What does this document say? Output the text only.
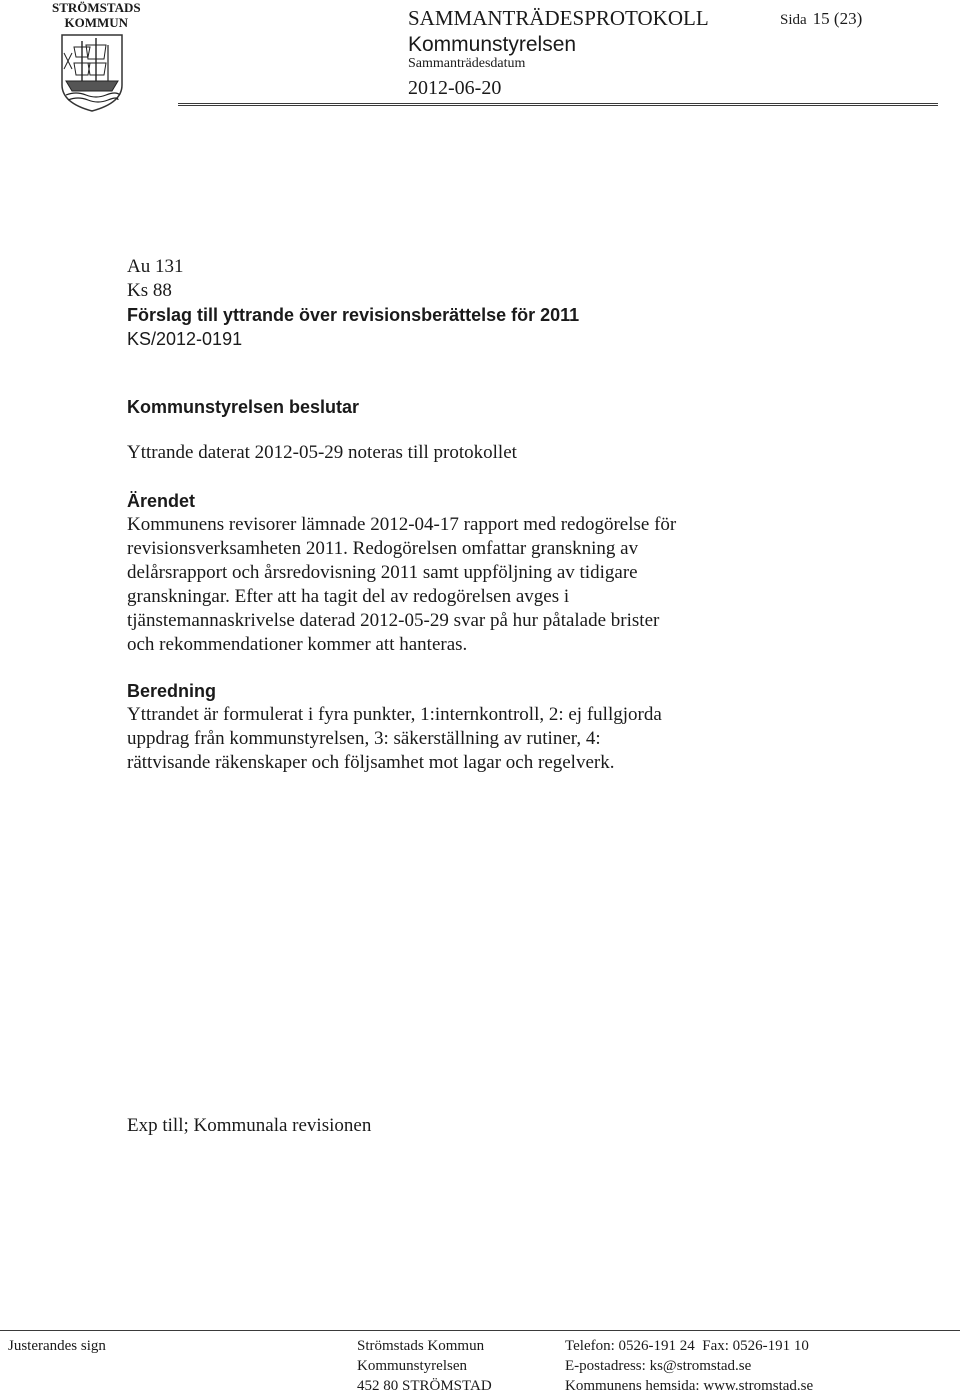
STRÖMSTADS
KOMMUN	SAMMANTRÄDESPROTOKOLL	Sida 15 (23)
Kommunstyrelsen
Sammanträdesdatum
2012-06-20
Au 131
Ks 88
Förslag till yttrande över revisionsberättelse för 2011
KS/2012-0191
Kommunstyrelsen beslutar
Yttrande daterat 2012-05-29 noteras till protokollet
Ärendet
Kommunens revisorer lämnade 2012-04-17 rapport med redogörelse för
revisionsverksamheten 2011. Redogörelsen omfattar granskning av
delårsrapport och årsredovisning 2011 samt uppföljning av tidigare
granskningar. Efter att ha tagit del av redogörelsen avges i
tjänstemannaskrivelse daterad 2012-05-29 svar på hur påtalade brister
och rekommendationer kommer att hanteras.
Beredning
Yttrandet är formulerat i fyra punkter, 1:internkontroll, 2: ej fullgjorda
uppdrag från kommunstyrelsen, 3: säkerställning av rutiner, 4:
rättvisande räkenskaper och följsamhet mot lagar och regelverk.
Exp till; Kommunala revisionen
Justerandes sign	Strömstads Kommun
Kommunstyrelsen
452 80 STRÖMSTAD
Telefon: 0526-191 24 Fax: 0526-191 10
E-postadress: ks@stromstad.se
Kommunens hemsida: www.stromstad.se
